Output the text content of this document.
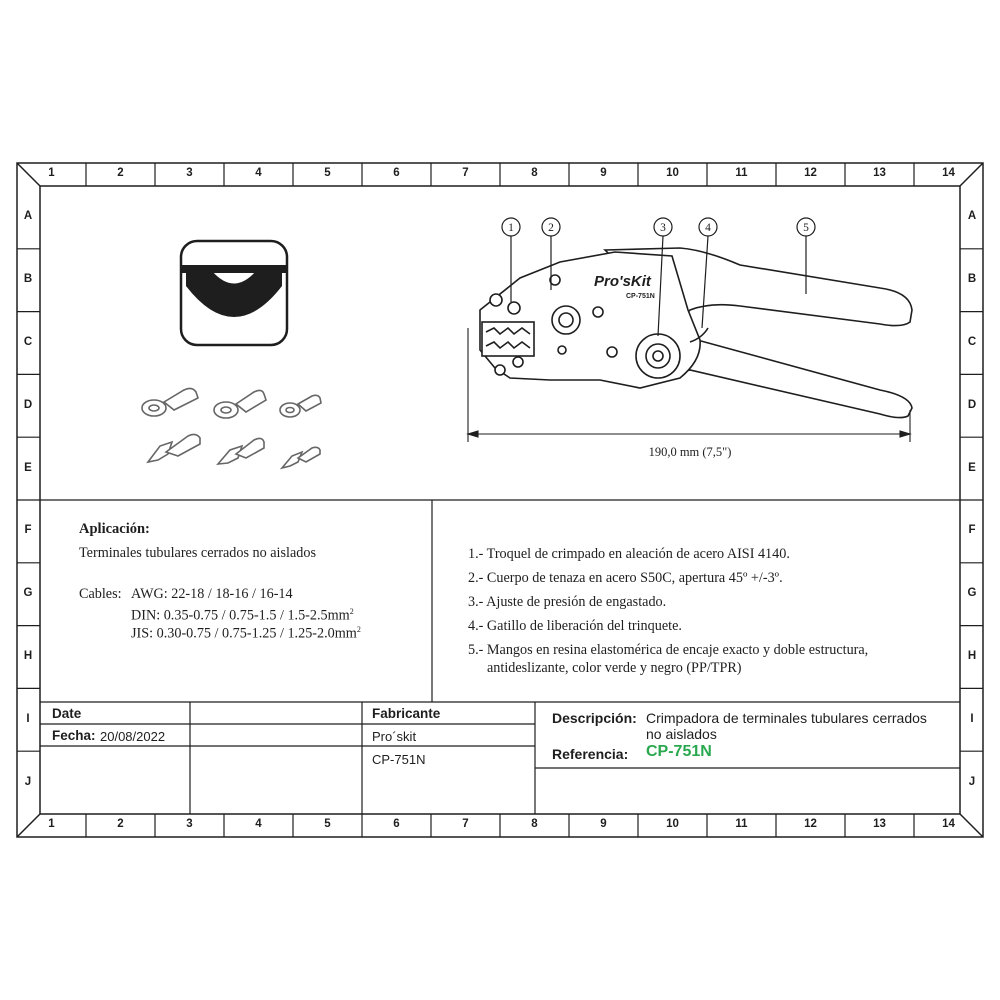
1	2	3	4	5	6	7	8	9	10	11	12	13	14
1	2	3	4	5	6	7	8	9	10	11	12	13	14
A
B
C
D
E
F
G
H
I
J
A
B
C
D
E
F
G
H
I
J
Pro'sKit
CP-751N
1	2	3	4	5
190,0 mm (7,5")
Aplicación:
Terminales tubulares cerrados no aislados
Cables: AWG: 22-18 / 18-16 / 16-14
DIN: $0.35-0.75 / 0.75-1.5 / 1.5-2.5mm^2$
JIS: $0.30-0.75 / 0.75-1.25 / 1.25-2.0mm^2$
1.- Troquel de crimpado en aleación de acero AISI 4140.
2.- Cuerpo de tenaza en acero S50C, apertura 45º +/-3º.
3.- Ajuste de presión de engastado.
4.- Gatillo de liberación del trinquete.
5.- Mangos en resina elastomérica de encaje exacto y doble estructura,
antideslizante, color verde y negro (PP/TPR)
Date
Fecha: 20/08/2022
Fabricante
Pro´skit
CP-751N
Descripción: Crimpadora de terminales tubulares cerrados
no aislados
Referencia: CP-751N
